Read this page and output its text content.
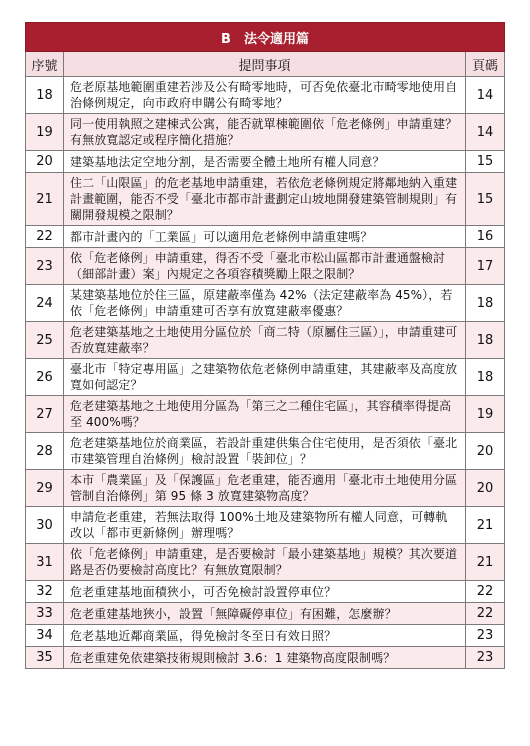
B　法令適用篇		
序號	提問事項	頁碼
18	危老原基地範圍重建若涉及公有畸零地時，可否免依臺北市畸零地使用自治條例規定，向市政府申購公有畸零地？	14
19	同一使用執照之建棟式公寓，能否就單棟範圍依「危老條例」申請重建？有無放寬認定或程序簡化措施？	14
20	建築基地法定空地分割，是否需要全體土地所有權人同意？	15
21	住二「山限區」的危老基地申請重建，若依危老條例規定將鄰地納入重建計畫範圍，能否不受「臺北市都市計畫劃定山坡地開發建築管制規則」有關開發規模之限制？	15
22	都市計畫內的「工業區」可以適用危老條例申請重建嗎？	16
23	依「危老條例」申請重建，得否不受「臺北市松山區都市計畫通盤檢討（細部計畫）案」內規定之各項容積獎勵上限之限制？	17
24	某建築基地位於住三區，原建蔽率僅為 42%（法定建蔽率為 45%），若依「危老條例」申請重建可否享有放寬建蔽率優惠？	18
25	危老建築基地之土地使用分區位於「商二特（原屬住三區）」，申請重建可否放寬建蔽率？	18
26	臺北市「特定專用區」之建築物依危老條例申請重建，其建蔽率及高度放寬如何認定？	18
27	危老建築基地之土地使用分區為「第三之二種住宅區」，其容積率得提高至 400%嗎？	19
28	危老建築基地位於商業區，若設計重建供集合住宅使用，是否須依「臺北市建築管理自治條例」檢討設置「裝卸位」？	20
29	本市「農業區」及「保護區」危老重建，能否適用「臺北市土地使用分區管制自治條例」第 95 條 3 放寬建築物高度？	20
30	申請危老重建，若無法取得 100%土地及建築物所有權人同意，可轉軌改以「都市更新條例」辦理嗎？	21
31	依「危老條例」申請重建，是否要檢討「最小建築基地」規模？其次要道路是否仍要檢討高度比？有無放寬限制？	21
32	危老重建基地面積狹小，可否免檢討設置停車位？	22
33	危老重建基地狹小，設置「無障礙停車位」有困難，怎麼辦？	22
34	危老基地近鄰商業區，得免檢討冬至日有效日照？	23
35	危老重建免依建築技術規則檢討 3.6：1 建築物高度限制嗎？	23
